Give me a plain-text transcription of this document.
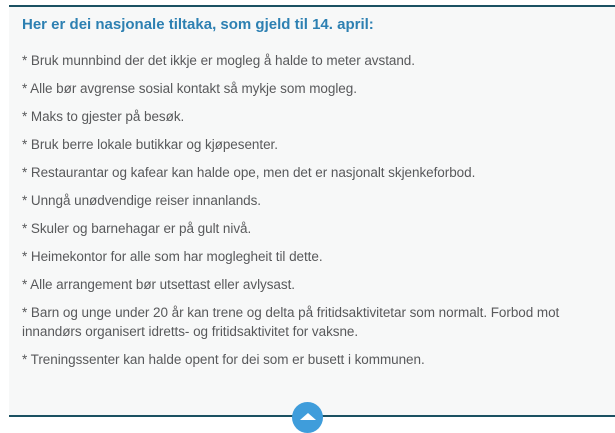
Her er dei nasjonale tiltaka, som gjeld til 14. april:

* Bruk munnbind der det ikkje er mogleg å halde to meter avstand.

* Alle bør avgrense sosial kontakt så mykje som mogleg.

* Maks to gjester på besøk.

* Bruk berre lokale butikkar og kjøpesenter.

* Restaurantar og kafear kan halde ope, men det er nasjonalt skjenkeforbod.

* Unngå unødvendige reiser innanlands.

* Skuler og barnehagar er på gult nivå.

* Heimekontor for alle som har moglegheit til dette.

* Alle arrangement bør utsettast eller avlysast.

* Barn og unge under 20 år kan trene og delta på fritidsaktivitetar som normalt. Forbod mot innandørs organisert idretts- og fritidsaktivitet for vaksne.

* Treningssenter kan halde opent for dei som er busett i kommunen.
